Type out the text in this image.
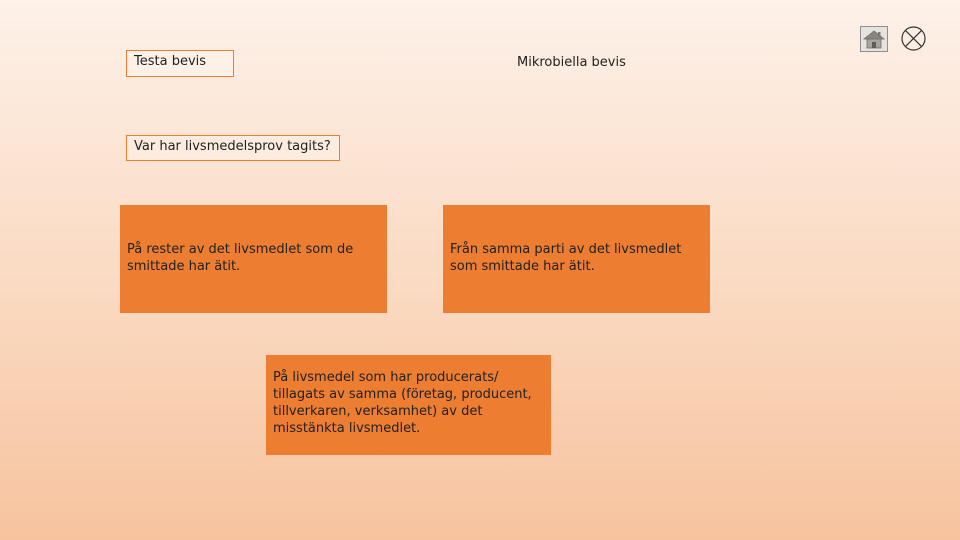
Testa bevis	Mikrobiella bevis
Var har livsmedelsprov tagits?
På rester av det livsmedlet som de smittade har ätit.
Från samma parti av det livsmedlet som smittade har ätit.
På livsmedel som har producerats/ tillagats av samma (företag, producent, tillverkaren, verksamhet) av det misstänkta livsmedlet.
